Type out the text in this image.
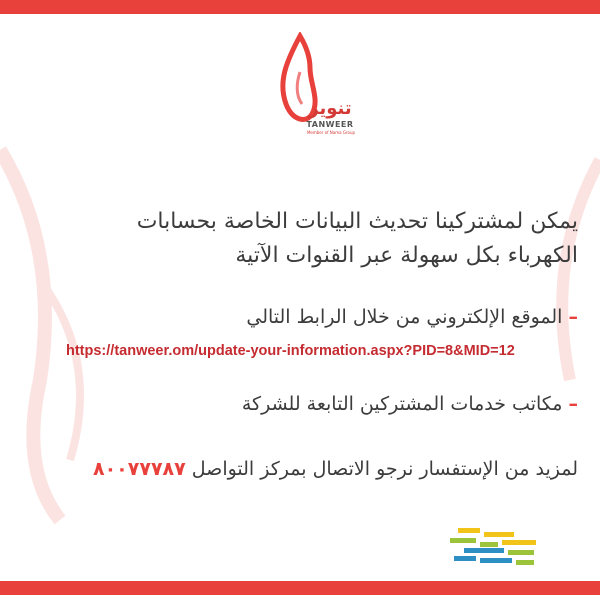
تنوير
TANWEER
Member of Nama Group
يمكن لمشتركينا تحديث البيانات الخاصة بحسابات
الكهرباء بكل سهولة عبر القنوات الآتية
– الموقع الإلكتروني من خلال الرابط التالي
https://tanweer.om/update-your-information.aspx?PID=8&MID=12
– مكاتب خدمات المشتركين التابعة للشركة
لمزيد من الإستفسار نرجو الاتصال بمركز التواصل ٨٠٠٧٧٧٨٧
Musandam.net
